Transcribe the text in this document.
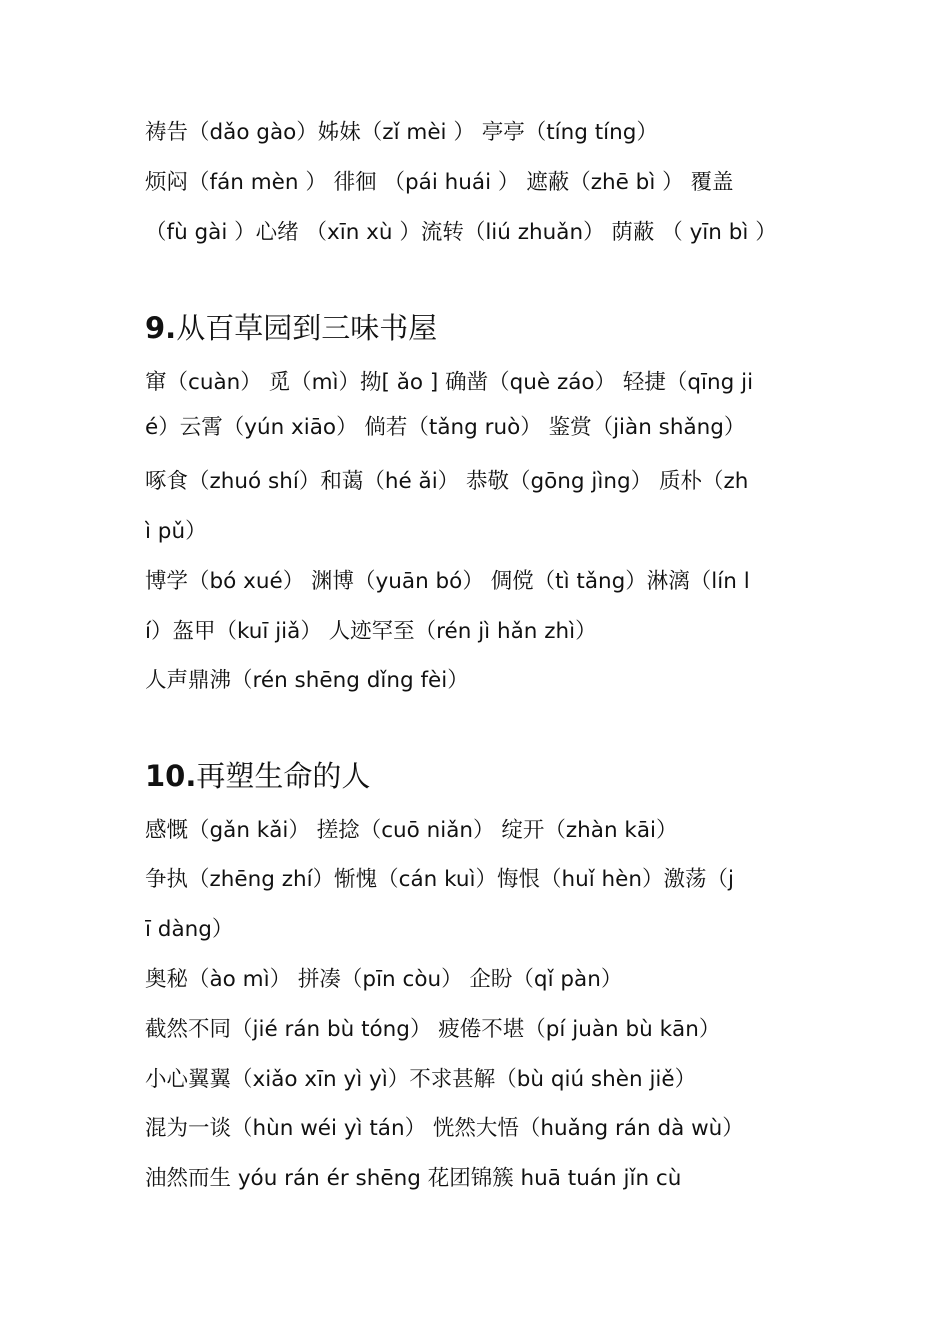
祷告（dǎo gào）姊妹（zǐ mèi ） 亭亭（tíng tíng）
烦闷（fán mèn ） 徘徊 （pái huái ） 遮蔽（zhē bì ） 覆盖
（fù gài ）心绪 （xīn xù ）流转（liú zhuǎn） 荫蔽 （ yīn bì ）
9.从百草园到三味书屋
窜（cuàn） 觅（mì）拗[ ǎo ] 确凿（què záo） 轻捷（qīng ji
é）云霄（yún xiāo） 倘若（tǎng ruò） 鉴赏（jiàn shǎng）
啄食（zhuó shí）和蔼（hé ǎi） 恭敬（gōng jìng） 质朴（zh
ì pǔ）
博学（bó xué） 渊博（yuān bó） 倜傥（tì tǎng）淋漓（lín l
í）盔甲（kuī jiǎ） 人迹罕至（rén jì hǎn zhì）
人声鼎沸（rén shēng dǐng fèi）
10.再塑生命的人
感慨（gǎn kǎi） 搓捻（cuō niǎn） 绽开（zhàn kāi）
争执（zhēng zhí）惭愧（cán kuì）悔恨（huǐ hèn）激荡（j
ī dàng）
奥秘（ào mì） 拼凑（pīn còu） 企盼（qǐ pàn）
截然不同（jié rán bù tóng） 疲倦不堪（pí juàn bù kān）
小心翼翼（xiǎo xīn yì yì）不求甚解（bù qiú shèn jiě）
混为一谈（hùn wéi yì tán） 恍然大悟（huǎng rán dà wù）
油然而生 yóu rán ér shēng 花团锦簇 huā tuán jǐn cù
